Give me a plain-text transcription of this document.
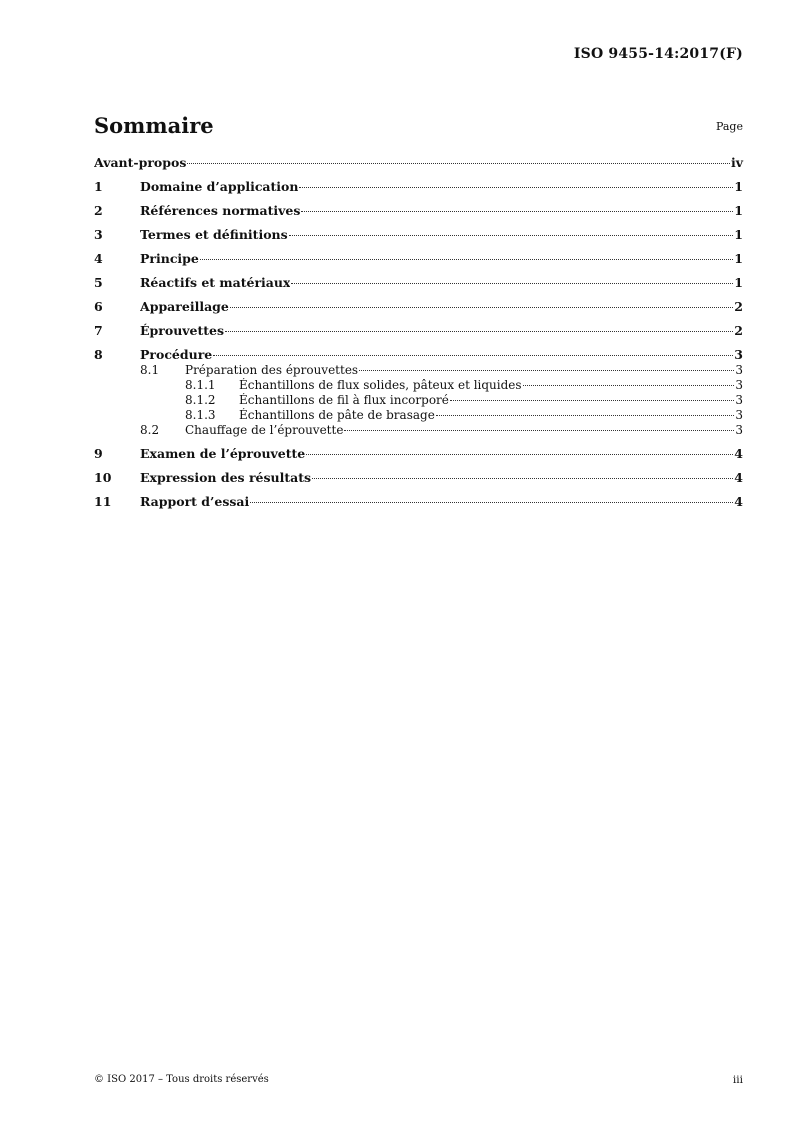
ISO 9455-14:2017(F)
Sommaire	Page
Avant-propos	iv
1	Domaine d’application	1
2	Références normatives	1
3	Termes et définitions	1
4	Principe	1
5	Réactifs et matériaux	1
6	Appareillage	2
7	Éprouvettes	2
8	Procédure	3
8.1	Préparation des éprouvettes	3
8.1.1	Échantillons de flux solides, pâteux et liquides	3
8.1.2	Échantillons de fil à flux incorporé	3
8.1.3	Échantillons de pâte de brasage	3
8.2	Chauffage de l’éprouvette	3
9	Examen de l’éprouvette	4
10	Expression des résultats	4
11	Rapport d’essai	4
© ISO 2017 – Tous droits réservés	iii
